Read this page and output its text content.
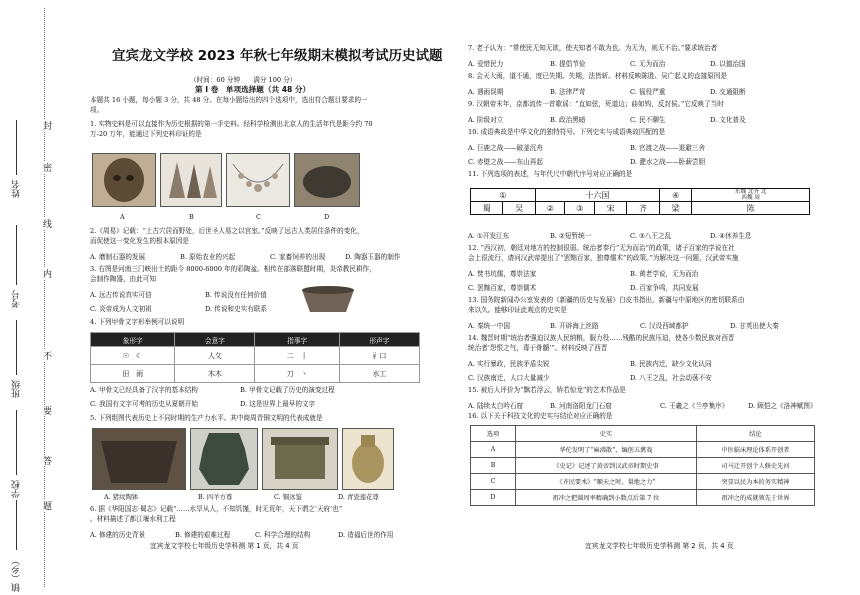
姓名
考号
班级
学校
镇（乡）
封
密
线
内
不
要
答
题
宜宾龙文学校 2023 年秋七年级期末模拟考试历史试题
（时间：60 分钟　　满分 100 分）
第 Ⅰ 卷　单项选择题（共 48 分）
本题共 16 小题，每小题 3 分，共 48 分。在每小题给出的四个选项中，选出符合题目要求的一
项。
1. 实物史料是可以直接作为历史根据的第一手史料。经科学检测出北京人的生活年代是距今约 70
万-20 万年，能通过下列史料印证的是
A	B	C	D
2.《周易》记载：“上古穴居而野处，后世圣人易之以宫室。”反映了远古人类居住条件的变化，
而促使这一变化发生的根本原因是
A. 磨制石器的发展	B. 原始农业的兴起	C. 家畜饲养的出现	D. 陶器玉器的制作
3. 右图是河南三门峡出土的距今 8000-6000 年的彩陶盆。相传在部落联盟时期，炎帝教民耕作，
会制作陶器，由此可知
A. 远古传说真实可信	B. 传说没有任何价值
C. 炎帝成为人文初祖	D. 传说和史实有联系
4. 下列甲骨文字形举例可以说明
象形字	会意字	指事字	形声字
☉　☾	⼈⺙	⼆　⼁	⺬⼝
⽥　⾬	⽊⽊	⼑　⼂	⽔⼯
A. 甲骨文已经具备了汉字的基本结构	B. 甲骨文记载了历史的演变过程
C. 我国有文字可考的历史从夏朝开始	D. 这是世界上最早的文字
5. 下列组图代表历史上不同时期的生产力水平。其中商周青铜文明的代表成就是
A. 猪纹陶钵	B. 四羊方尊	C. 铜冰鉴	D. 青瓷莲花尊
6. 据《华阳国志·蜀志》记载“……水旱从人，不知饥馑，时无荒年，天下谓之‘天府’也”
。材料描述了都江堰水利工程
A. 修建的历史背景	B. 修建的艰难过程	C. 科学合理的结构	D. 造福后世的作用
宜宾龙文学校七年级历史学科测 第 1 页，共 4 页
7. 老子认为：“常使民无知无欲，使夫知者不敢为也。为无为，则无不治。”要求统治者
A. 爱惜民力	B. 提倡节俭	C. 无为而治	D. 以德治国
8. 会天大雨，道不通，度已失期。失期，法皆斩。材料反映陈胜、吴广起义的直接原因是
A. 遇雨误期	B. 法律严苛	C. 徭役严重	D. 交通阻断
9. 汉朝帝末年，京都流传一首歌谣：“直如弦，死道边；曲如钩，反封侯。”它反映了当时
A. 阶级对立	B. 政治黑暗	C. 民不聊生	D. 文化普及
10. 成语典故是中华文化的独特符号。下列史实与成语典故匹配的是
A. 巨鹿之战——破釜沉舟	B. 官渡之战——退避三舍
C. 赤壁之战——东山再起	D. 淝水之战——卧薪尝胆
11. 下列选项的表述，与年代尺中朝代序号对应正确的是
①		十六国				④	东魏 北齐 北
西魏 周
蜀	吴	②	③	宋	齐	梁	陈
A. ①开发江东	B. ②短暂统一	C. ③八王之乱	D. ④休养生息
12. “西汉初，朝廷对地方的控制很弱。统治者奉行“无为而治”的政策，诸子百家的学说在社
会上很流行，请问汉武帝提出了“罢黜百家，独尊儒术”的政策。”为解决这一问题，汉武帝实施
A. 焚书坑儒，尊崇法家	B. 黄老学说，无为而治
C. 罢黜百家，尊崇儒术	D. 百家争鸣，共同发展
13. 国务院新闻办公室发表的《新疆的历史与发展》白皮书指出，新疆与中原地区的密切联系由
来以久。能够印证此观点的史实是
A. 秦统一中国	B. 开辟海上丝路	C. 汉设西域都护	D. 甘英出使大秦
14. 魏晋时期“统治者强迫汉族人民纳粮，服力役……残酷的民族压迫，使各少数民族对西晋
统治者‘怨恨之气，毒于骨髓’”。材料反映了西晋
A. 实行暴政，民族矛盾尖锐	B. 民族内迁，缺少文化认同
C. 汉族南迁，人口大量减少	D. 八王之乱，社会动荡不安
15. 被后人评价为“飘若浮云，矫若惊龙”的艺术作品是
A. 陆续太白吟石窟	B. 河南洛阳龙门石窟	C. 王羲之《兰亭集序》	D. 顾恺之《洛神赋图》
16. 以下关于科技文化的史实与结论对应正确的是
选项	史实	结论
A	华佗发明了“麻沸散”，编创五禽戏	中医临床理论体系开创者
B	《史记》记述了黄帝到汉武帝时期史事	司马迁开创个人修史先河
C	《齐民要术》“顺天之时，量地之力”	突显以民为本的务实精神
D	祖冲之把圆周率精确到小数点后第 7 位	祖冲之的成就领先于世界
宜宾龙文学校七年级历史学科测 第 2 页，共 4 页
